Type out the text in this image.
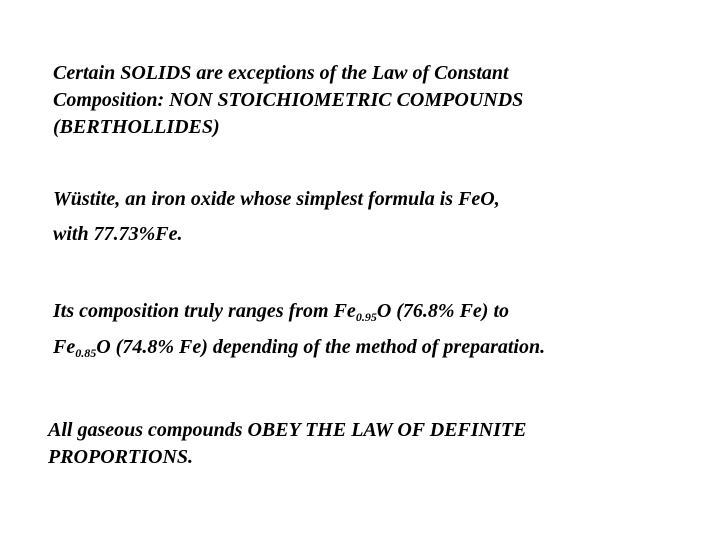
Certain SOLIDS are exceptions of the Law of Constant
Composition: NON STOICHIOMETRIC COMPOUNDS
(BERTHOLLIDES)

Wüstite, an iron oxide whose simplest formula is FeO,
with 77.73%Fe.

Its composition truly ranges from $Fe_{0.95}O$ (76.8% Fe) to
$Fe_{0.85}O$ (74.8% Fe) depending of the method of preparation.

All gaseous compounds OBEY THE LAW OF DEFINITE
PROPORTIONS.
